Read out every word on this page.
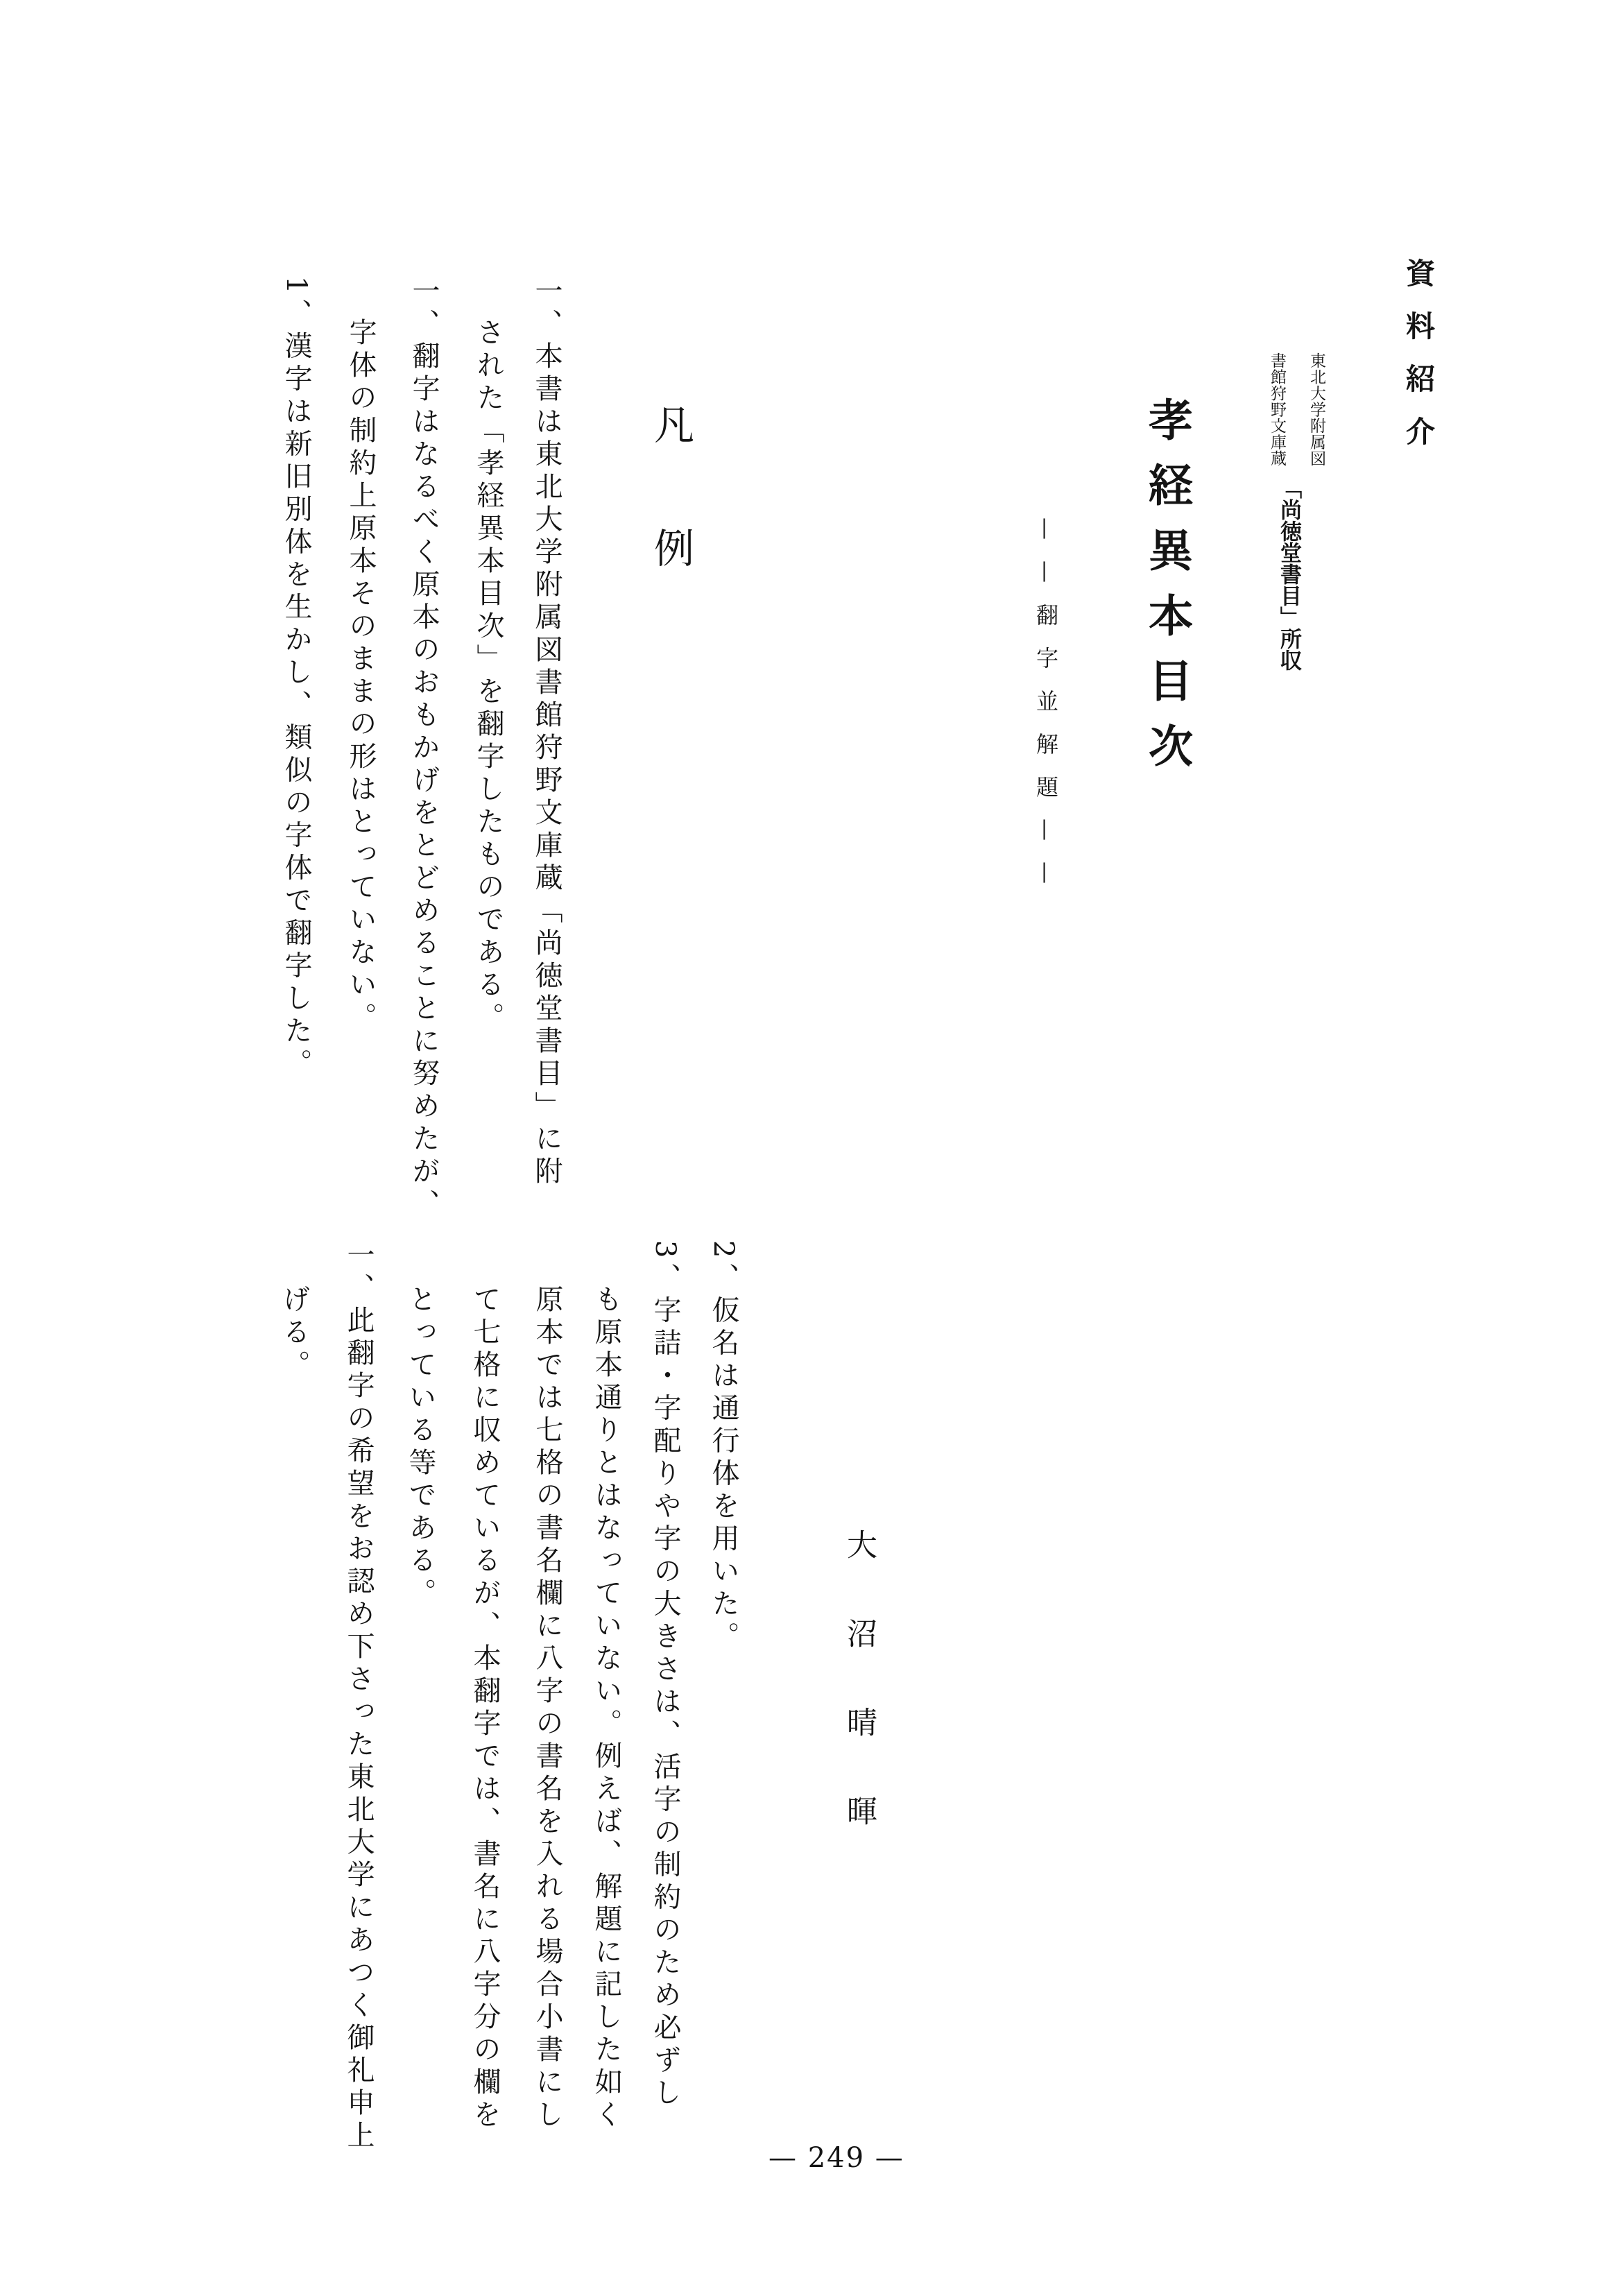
資料紹介
東北大学附属図書館狩野文庫蔵
「尚徳堂書目」所収
孝経異本目次
——翻字並解題——
大沼晴暉
凡例
一、本書は東北大学附属図書館狩野文庫蔵「尚徳堂書目」に附
された「孝経異本目次」を翻字したものである。
一、翻字はなるべく原本のおもかげをとどめることに努めたが、
字体の制約上原本そのままの形はとっていない。
1、漢字は新旧別体を生かし、類似の字体で翻字した。
2、仮名は通行体を用いた。
3、字詰・字配りや字の大きさは、活字の制約のため必ずし
も原本通りとはなっていない。例えば、解題に記した如く
原本では七格の書名欄に八字の書名を入れる場合小書にし
て七格に収めているが、本翻字では、書名に八字分の欄を
とっている等である。
一、此翻字の希望をお認め下さった東北大学にあつく御礼申上
げる。
— 249 —
